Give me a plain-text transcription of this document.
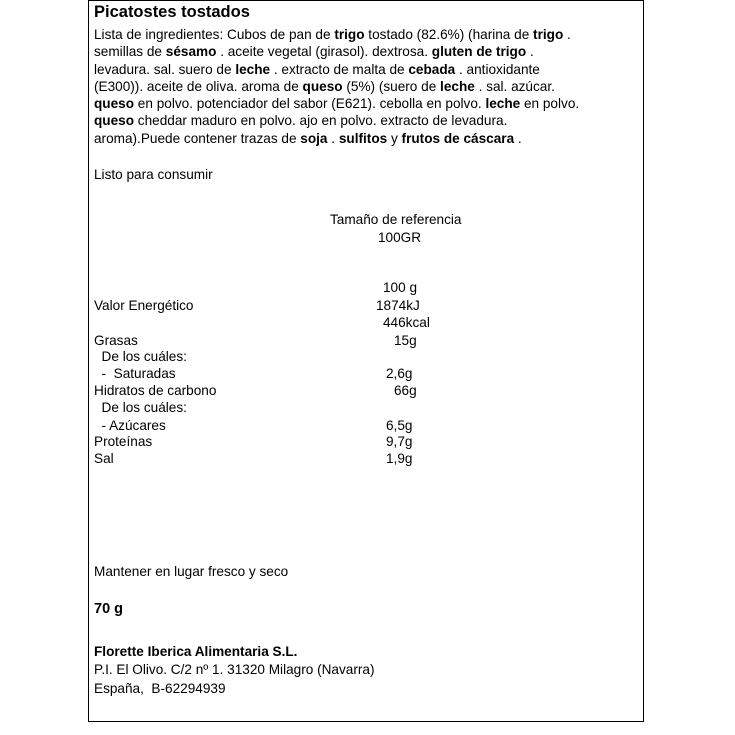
Picatostes tostados
Lista de ingredientes: Cubos de pan de trigo tostado (82.6%) (harina de trigo .
semillas de sésamo . aceite vegetal (girasol). dextrosa. gluten de trigo .
levadura. sal. suero de leche . extracto de malta de cebada . antioxidante
(E300)). aceite de oliva. aroma de queso (5%) (suero de leche . sal. azúcar.
queso en polvo. potenciador del sabor (E621). cebolla en polvo. leche en polvo.
queso cheddar maduro en polvo. ajo en polvo. extracto de levadura.
aroma).Puede contener trazas de soja . sulfitos y frutos de cáscara .
Listo para consumir
Tamaño de referencia
100GR
100 g
Valor Energético	1874kJ
446kcal
Grasas	15g
De los cuáles:
-  Saturadas	2,6g
Hidratos de carbono	66g
De los cuáles:
- Azúcares	6,5g
Proteínas	9,7g
Sal	1,9g
Mantener en lugar fresco y seco
70 g
Florette Iberica Alimentaria S.L.
P.I. El Olivo. C/2 nº 1. 31320 Milagro (Navarra)
España,  B-62294939
